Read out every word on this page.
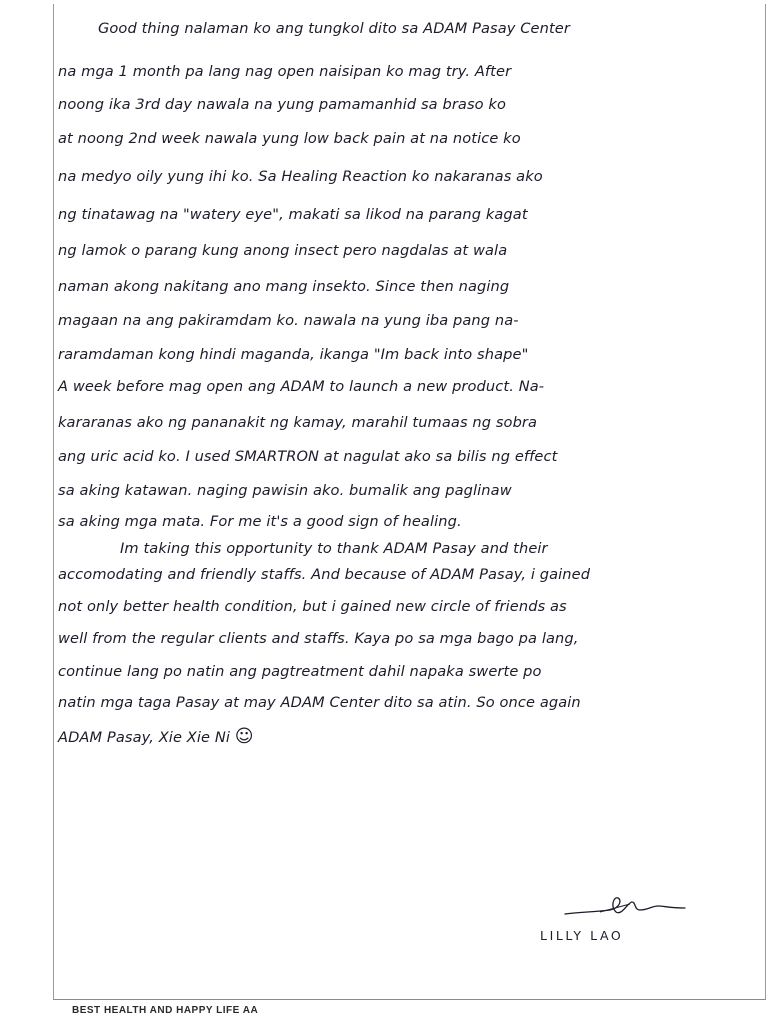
Good thing nalaman ko ang tungkol dito sa ADAM Pasay Center
na mga 1 month pa lang nag open naisipan ko mag try. After
noong ika 3rd day nawala na yung pamamanhid sa braso ko
at noong 2nd week nawala yung low back pain at na notice ko
na medyo oily yung ihi ko. Sa Healing Reaction ko nakaranas ako
ng tinatawag na "watery eye", makati sa likod na parang kagat
ng lamok o parang kung anong insect pero nagdalas at wala
naman akong nakitang ano mang insekto. Since then naging
magaan na ang pakiramdam ko. nawala na yung iba pang na-
raramdaman kong hindi maganda, ikanga "Im back into shape"
A week before mag open ang ADAM to launch a new product. Na-
kararanas ako ng pananakit ng kamay, marahil tumaas ng sobra
ang uric acid ko. I used SMARTRON at nagulat ako sa bilis ng effect
sa aking katawan. naging pawisin ako. bumalik ang paglinaw
sa aking mga mata. For me it's a good sign of healing.
Im taking this opportunity to thank ADAM Pasay and their
accomodating and friendly staffs. And because of ADAM Pasay, i gained
not only better health condition, but i gained new circle of friends as
well from the regular clients and staffs. Kaya po sa mga bago pa lang,
continue lang po natin ang pagtreatment dahil napaka swerte po
natin mga taga Pasay at may ADAM Center dito sa atin. So once again
ADAM Pasay, Xie Xie Ni ☺
LILLY LAO
BEST HEALTH AND HAPPY LIFE AA
